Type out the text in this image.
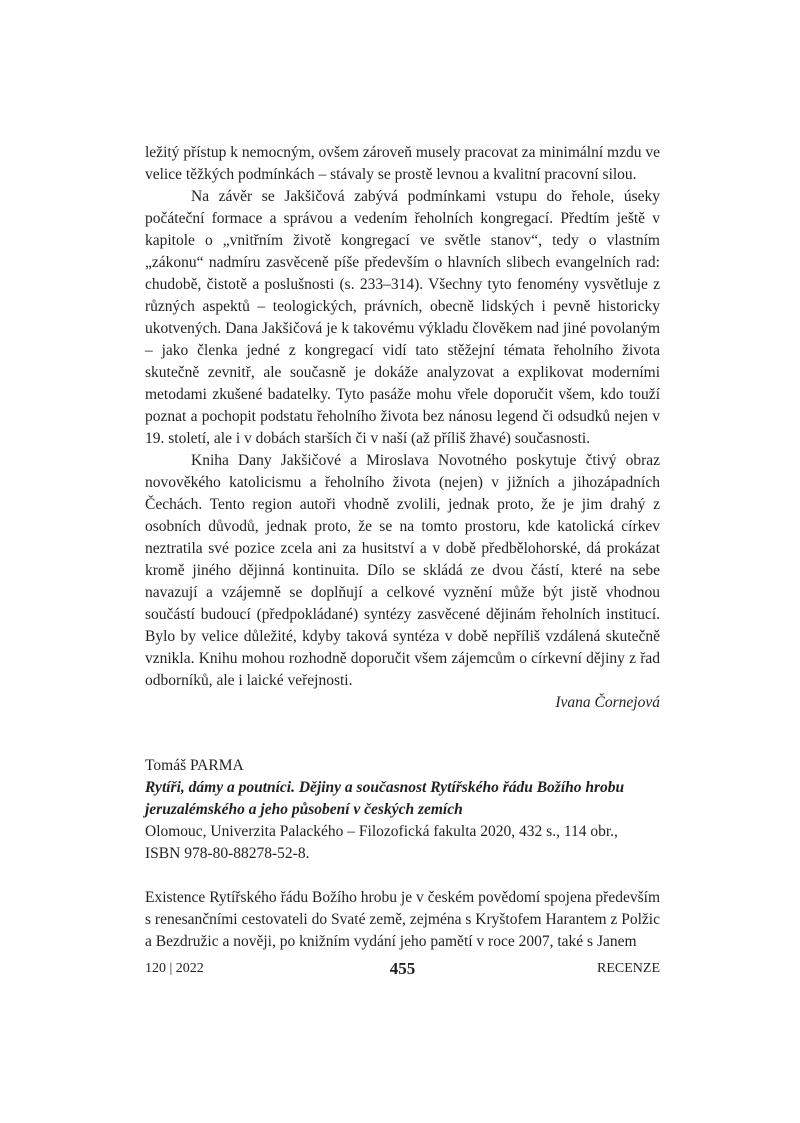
ležitý přístup k nemocným, ovšem zároveň musely pracovat za minimální mzdu ve velice těžkých podmínkách – stávaly se prostě levnou a kvalitní pracovní silou.

Na závěr se Jakšičová zabývá podmínkami vstupu do řehole, úseky počáteční formace a správou a vedením řeholních kongregací. Předtím ještě v kapitole o „vnitřním životě kongregací ve světle stanov“, tedy o vlastním „zákonu“ nadmíru zasvěceně píše především o hlavních slibech evangelních rad: chudobě, čistotě a poslušnosti (s. 233–314). Všechny tyto fenomény vysvětluje z různých aspektů – teologických, právních, obecně lidských i pevně historicky ukotvených. Dana Jakšičová je k takovému výkladu člověkem nad jiné povolaným – jako členka jedné z kongregací vidí tato stěžejní témata řeholního života skutečně zevnitř, ale současně je dokáže analyzovat a explikovat moderními metodami zkušené badatelky. Tyto pasáže mohu vřele doporučit všem, kdo touží poznat a pochopit podstatu řeholního života bez nánosu legend či odsudků nejen v 19. století, ale i v dobách starších či v naší (až příliš žhavé) současnosti.

Kniha Dany Jakšičové a Miroslava Novotného poskytuje čtivý obraz novověkého katolicismu a řeholního života (nejen) v jižních a jihozápadních Čechách. Tento region autoři vhodně zvolili, jednak proto, že je jim drahý z osobních důvodů, jednak proto, že se na tomto prostoru, kde katolická církev neztratila své pozice zcela ani za husitství a v době předbělohorské, dá prokázat kromě jiného dějinná kontinuita. Dílo se skládá ze dvou částí, které na sebe navazují a vzájemně se doplňují a celkové vyznění může být jistě vhodnou součástí budoucí (předpokládané) syntézy zasvěcené dějinám řeholních institucí. Bylo by velice důležité, kdyby taková syntéza v době nepříliš vzdálená skutečně vznikla. Knihu mohou rozhodně doporučit všem zájemcům o církevní dějiny z řad odborníků, ale i laické veřejnosti.

Ivana Čornejová

Tomáš PARMA

Rytíři, dámy a poutníci. Dějiny a současnost Rytířského řádu Božího hrobu jeruzalémského a jeho působení v českých zemích

Olomouc, Univerzita Palackého – Filozofická fakulta 2020, 432 s., 114 obr.,

ISBN 978-80-88278-52-8.

Existence Rytířského řádu Božího hrobu je v českém povědomí spojena především s renesančními cestovateli do Svaté země, zejména s Kryštofem Harantem z Polžic a Bezdružic a nověji, po knižním vydání jeho pamětí v roce 2007, také s Janem

120 | 2022	455	RECENZE
